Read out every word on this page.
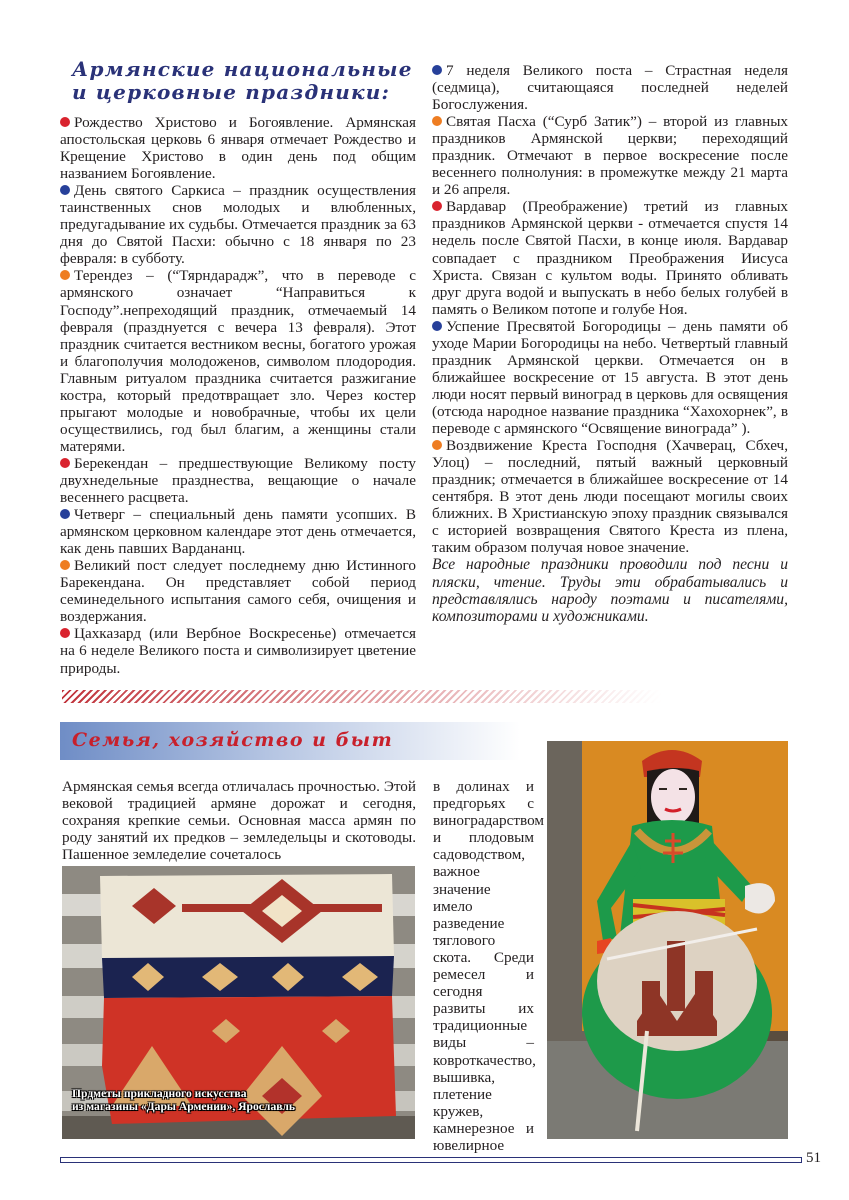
Армянские национальные
и церковные праздники:

Рождество Христово и Богоявление. Армянская апостольская церковь 6 января отмечает Рождество и Крещение Христово в один день под общим названием Богоявление.

День святого Саркиса – праздник осуществления таинственных снов молодых и влюбленных, предугадывание их судьбы. Отмечается праздник за 63 дня до Святой Пасхи: обычно с 18 января по 23 февраля: в субботу.

Терендез – (“Тярндарадж”, что в переводе с армянского означает “Направиться к Господу”.непреходящий праздник, отмечаемый 14 февраля (празднуется с вечера 13 февраля). Этот праздник считается вестником весны, богатого урожая и благополучия молодоженов, символом плодородия. Главным ритуалом праздника считается разжигание костра, который предотвращает зло. Через костер прыгают молодые и новобрачные, чтобы их цели осуществились, год был благим, а женщины стали матерями.

Берекендан – предшествующие Великому посту двухнедельные празднества, вещающие о начале весеннего расцвета.

Четверг – специальный день памяти усопших. В армянском церковном календаре этот день отмечается, как день павших Вардананц.

Великий пост следует последнему дню Истинного Барекендана. Он представляет собой период семинедельного испытания самого себя, очищения и воздержания.

Цахказард (или Вербное Воскресенье) отмечается на 6 неделе Великого поста и символизирует цветение природы.

7 неделя Великого поста – Страстная неделя (седмица), считающаяся последней неделей Богослужения.

Святая Пасха (“Сурб Затик”) – второй из главных праздников Армянской церкви; переходящий праздник. Отмечают в первое воскресение после весеннего полнолуния: в промежутке между 21 марта и 26 апреля.

Вардавар (Преображение) третий из главных праздников Армянской церкви - отмечается спустя 14 недель после Святой Пасхи, в конце июля. Вардавар совпадает с праздником Преображения Иисуса Христа. Связан с культом воды. Принято обливать друг друга водой и выпускать в небо белых голубей в память о Великом потопе и голубе Ноя.

Успение Пресвятой Богородицы – день памяти об уходе Марии Богородицы на небо. Четвертый главный праздник Армянской церкви. Отмечается он в ближайшее воскресение от 15 августа. В этот день люди носят первый виноград в церковь для освящения (отсюда народное название праздника “Хахохорнек”, в переводе с армянского “Освящение винограда” ).

Воздвижение Креста Господня (Хачверац, Сбхеч, Улоц) – последний, пятый важный церковный праздник; отмечается в ближайшее воскресение от 14 сентября. В этот день люди посещают могилы своих ближних. В Христианскую эпоху праздник связывался с историей возвращения Святого Креста из плена, таким образом получая новое значение.

Все народные праздники проводили под песни и пляски, чтение. Труды эти обрабатывались и представлялись народу поэтами и писателями, композиторами и художниками.

Семья, хозяйство и быт

Армянская семья всегда отличалась прочностью. Этой вековой традицией армяне дорожат и сегодня, сохраняя крепкие семьи. Основная масса армян по роду занятий их предков – земледельцы и скотоводы. Пашенное земледелие сочеталось

в долинах и предгорьях с виноградарством и плодовым садоводством, важное значение имело разведение тяглового скота. Среди ремесел и сегодня развиты их традиционные виды – ковроткачество, вышивка, плетение кружев, камнерезное и ювелирное

Прдметы прикладного искусства
из магазины «Дары Армении», Ярославль

51
